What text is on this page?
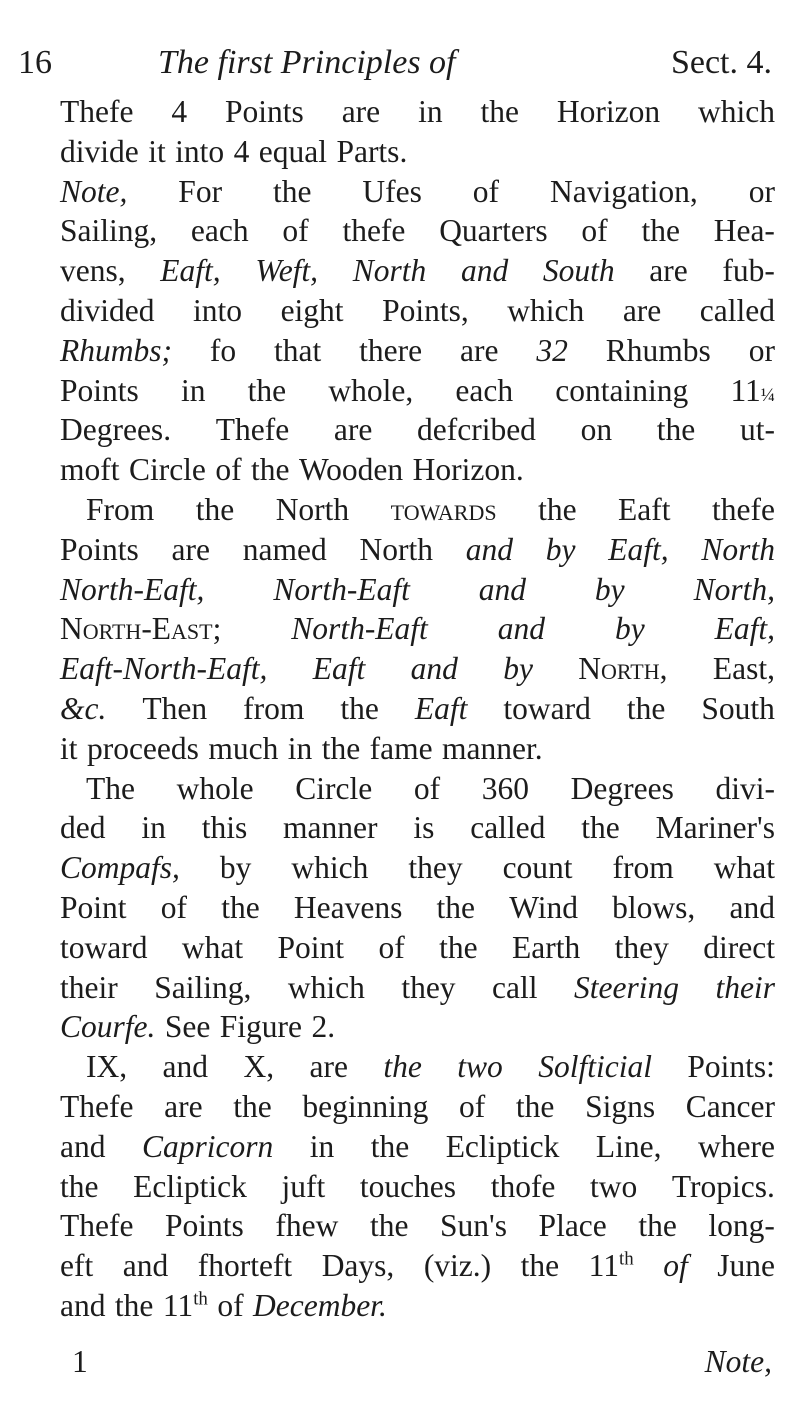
16	The first Principles of	Sect. 4.
Thefe 4 Points are in the Horizon which
divide it into 4 equal Parts.
Note, For the Ufes of Navigation, or
Sailing, each of thefe Quarters of the Hea-
vens, Eaft, Weft, North and South are fub-
divided into eight Points, which are called
Rhumbs; fo that there are 32 Rhumbs or
Points in the whole, each containing 11¼
Degrees. Thefe are defcribed on the ut-
moft Circle of the Wooden Horizon.
From the North towards the Eaft thefe
Points are named North and by Eaft, North
North-Eaft, North-Eaft and by North,
North-East; North-Eaft and by Eaft,
Eaft-North-Eaft, Eaft and by North, East,
&c. Then from the Eaft toward the South
it proceeds much in the fame manner.
The whole Circle of 360 Degrees divi-
ded in this manner is called the Mariner's
Compafs, by which they count from what
Point of the Heavens the Wind blows, and
toward what Point of the Earth they direct
their Sailing, which they call Steering their
Courfe. See Figure 2.
IX, and X, are the two Solfticial Points:
Thefe are the beginning of the Signs Cancer
and Capricorn in the Ecliptick Line, where
the Ecliptick juft touches thofe two Tropics.
Thefe Points fhew the Sun's Place the long-
eft and fhorteft Days, (viz.) the 11th of June
and the 11th of December.
1	Note,
